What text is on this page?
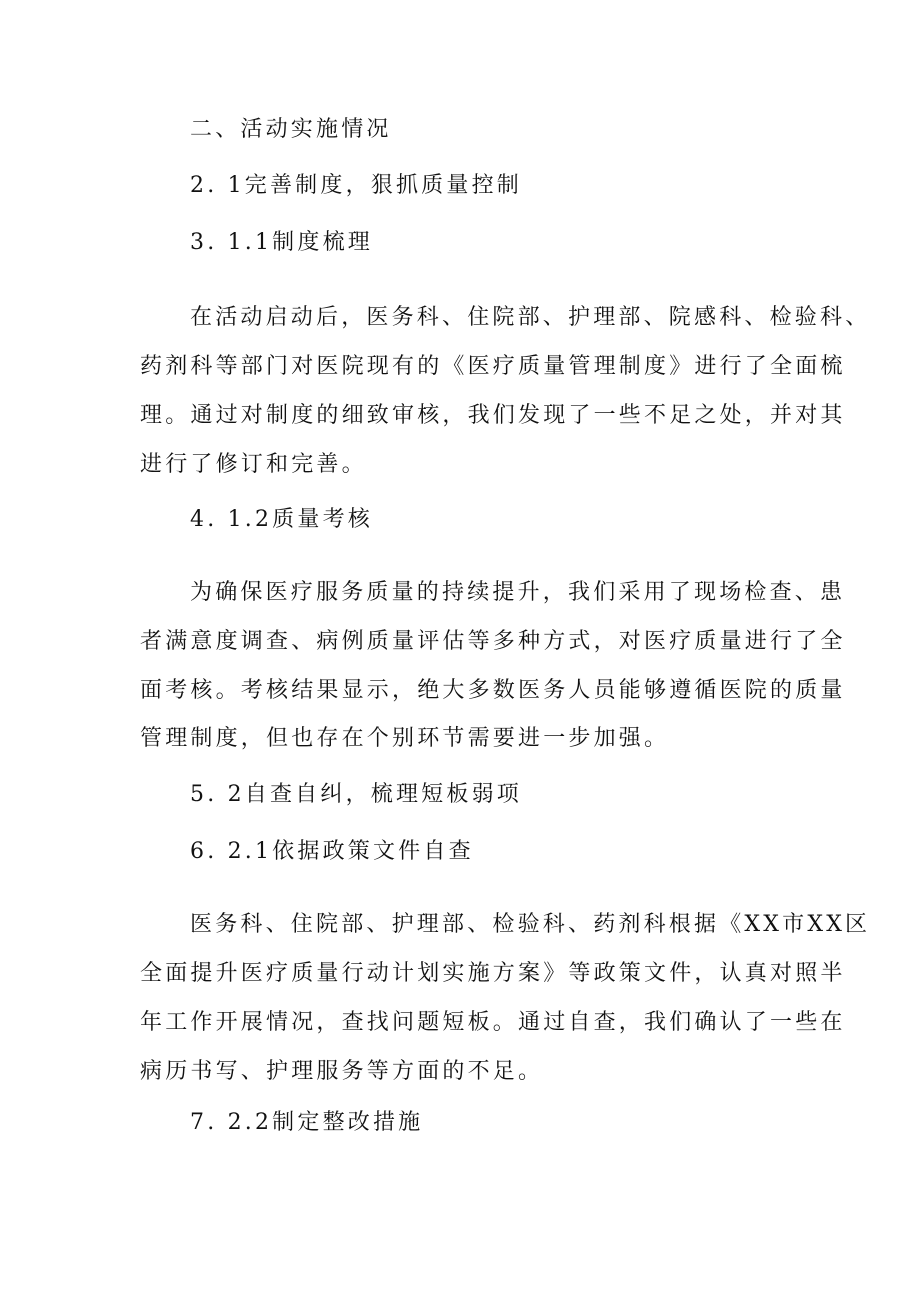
二、活动实施情况
2. 1完善制度，狠抓质量控制
3. 1.1制度梳理
在活动启动后，医务科、住院部、护理部、院感科、检验科、
药剂科等部门对医院现有的《医疗质量管理制度》进行了全面梳
理。通过对制度的细致审核，我们发现了一些不足之处，并对其
进行了修订和完善。
4. 1.2质量考核
为确保医疗服务质量的持续提升，我们采用了现场检查、患
者满意度调查、病例质量评估等多种方式，对医疗质量进行了全
面考核。考核结果显示，绝大多数医务人员能够遵循医院的质量
管理制度，但也存在个别环节需要进一步加强。
5. 2自查自纠，梳理短板弱项
6. 2.1依据政策文件自查
医务科、住院部、护理部、检验科、药剂科根据《XX市XX区
全面提升医疗质量行动计划实施方案》等政策文件，认真对照半
年工作开展情况，查找问题短板。通过自查，我们确认了一些在
病历书写、护理服务等方面的不足。
7. 2.2制定整改措施
